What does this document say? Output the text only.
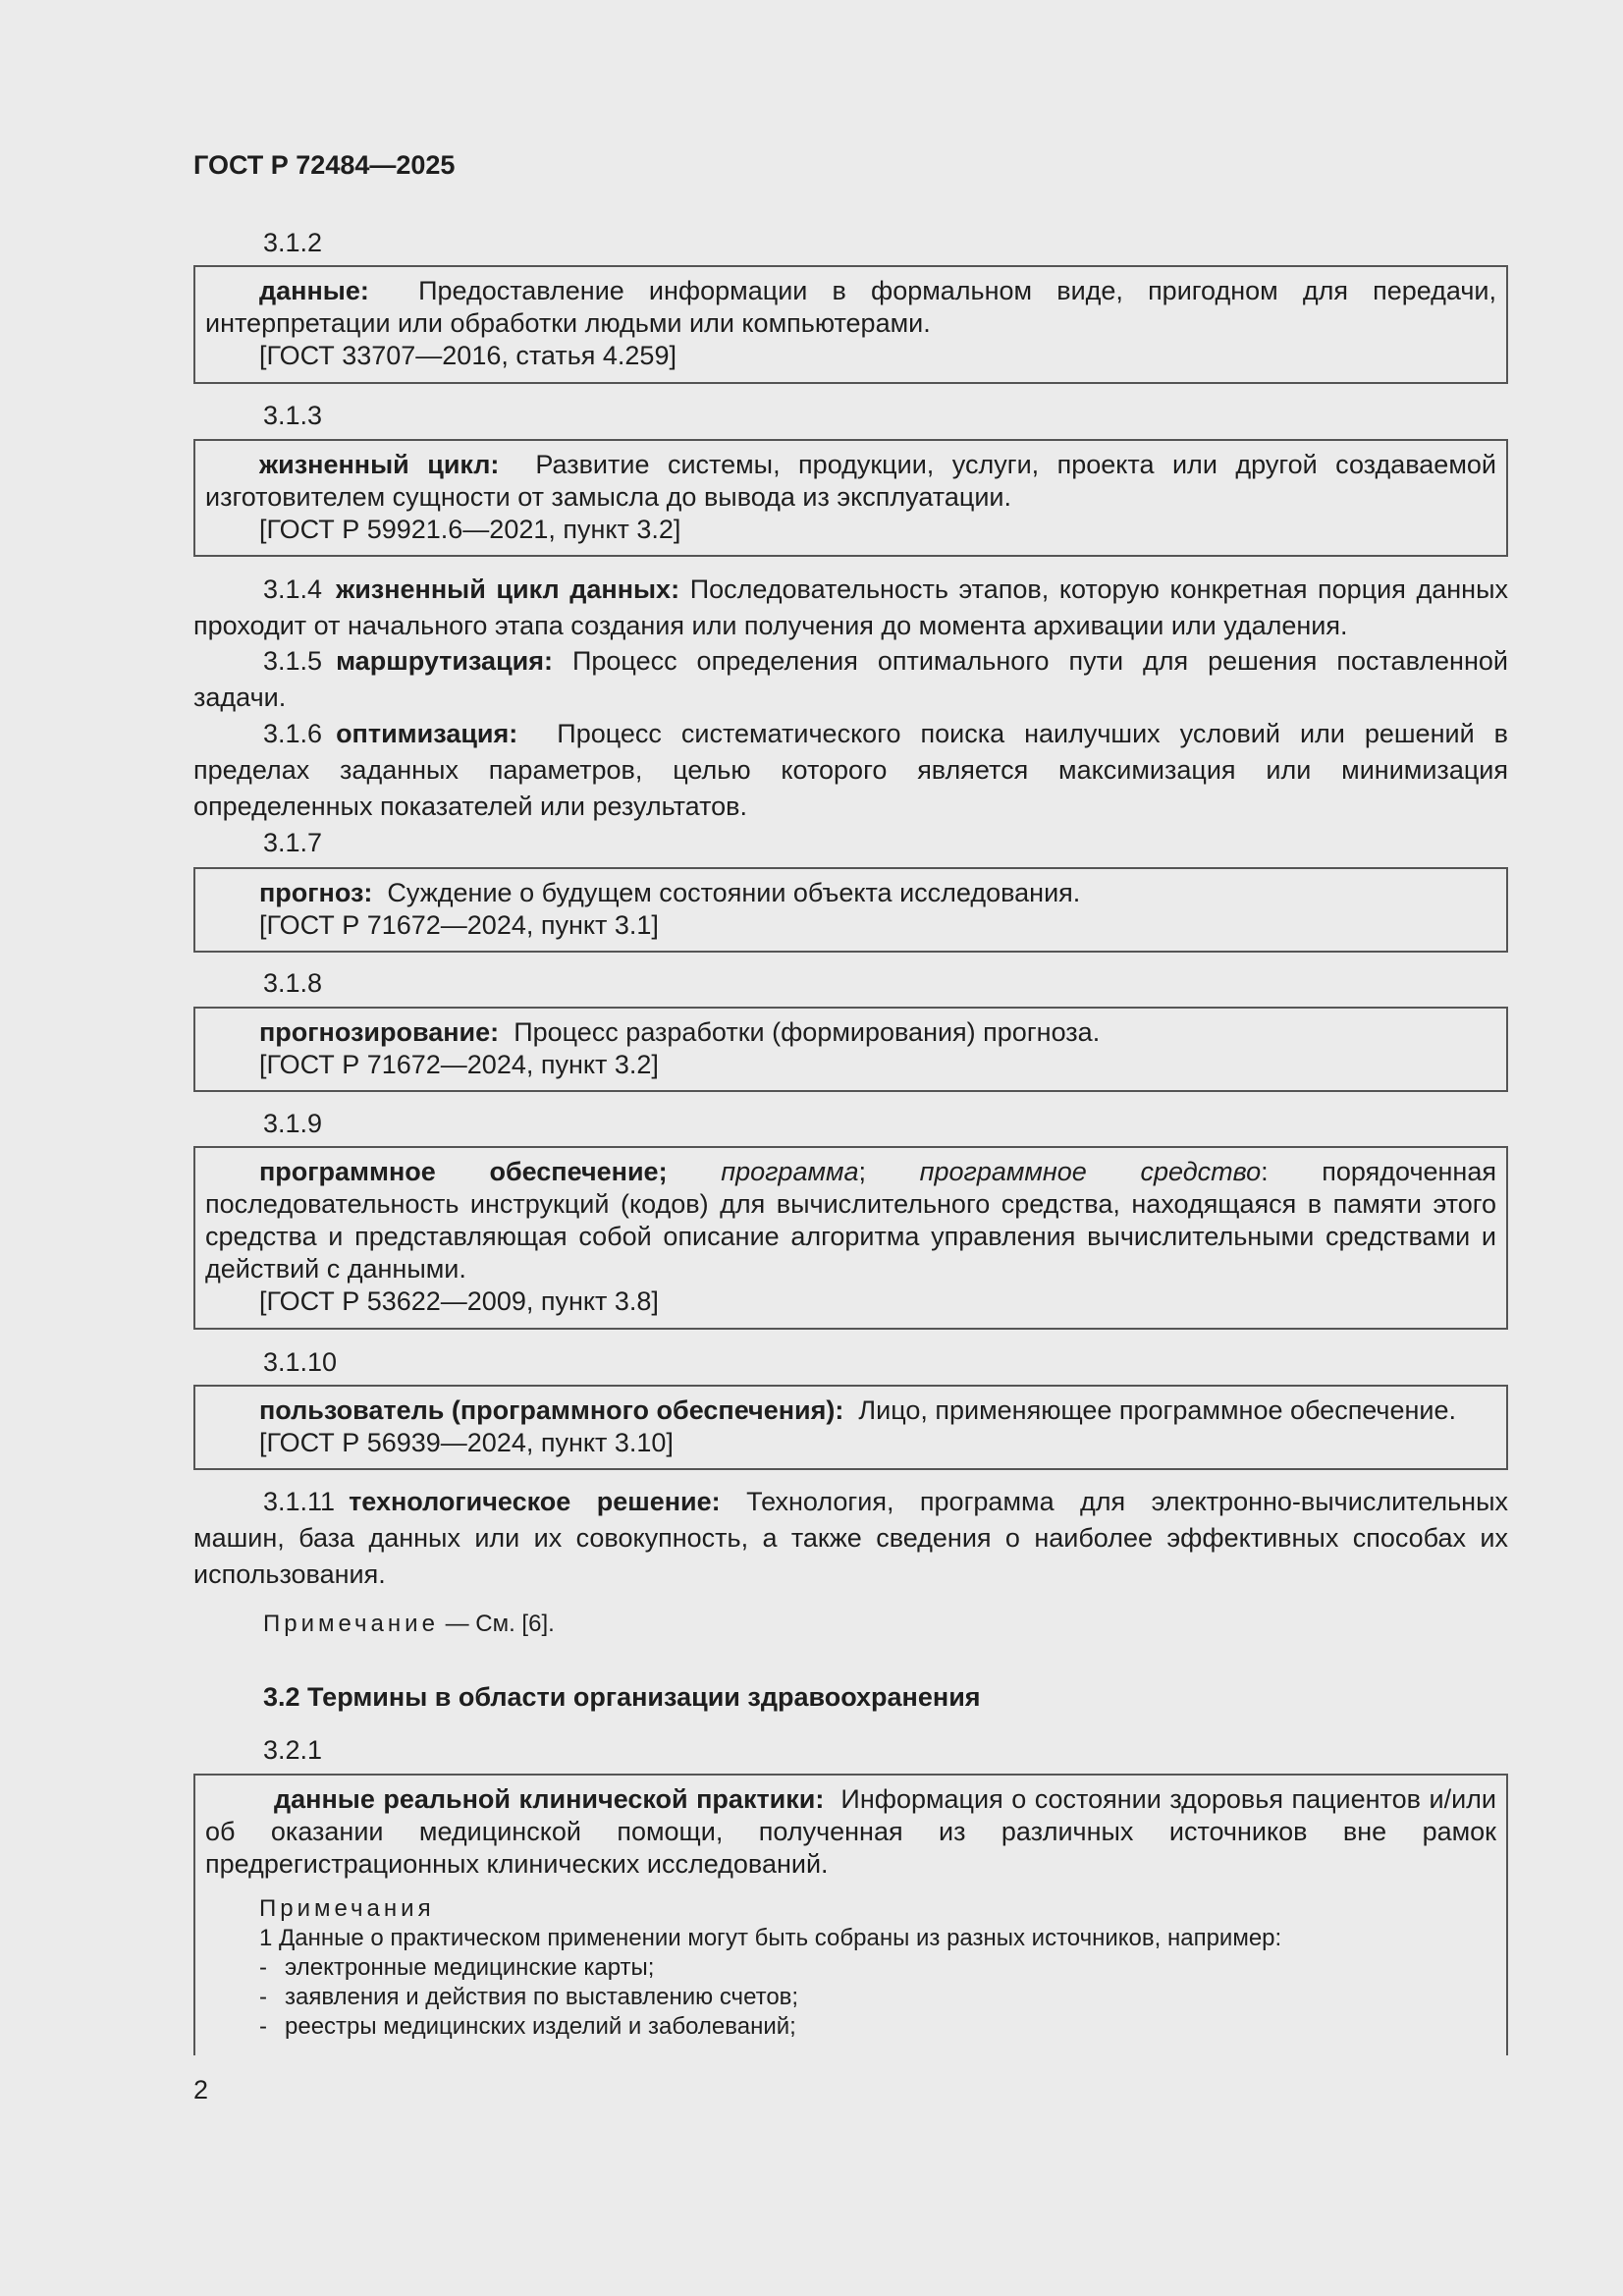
ГОСТ Р 72484—2025
3.1.2

данные: Предоставление информации в формальном виде, пригодном для передачи, интерпретации или обработки людьми или компьютерами.

[ГОСТ 33707—2016, статья 4.259]

3.1.3

жизненный цикл: Развитие системы, продукции, услуги, проекта или другой создаваемой изготовителем сущности от замысла до вывода из эксплуатации.

[ГОСТ Р 59921.6—2021, пункт 3.2]

3.1.4 жизненный цикл данных: Последовательность этапов, которую конкретная порция данных проходит от начального этапа создания или получения до момента архивации или удаления.

3.1.5 маршрутизация: Процесс определения оптимального пути для решения поставленной задачи.

3.1.6 оптимизация: Процесс систематического поиска наилучших условий или решений в пределах заданных параметров, целью которого является максимизация или минимизация определенных показателей или результатов.

3.1.7

прогноз: Суждение о будущем состоянии объекта исследования.

[ГОСТ Р 71672—2024, пункт 3.1]

3.1.8

прогнозирование: Процесс разработки (формирования) прогноза.

[ГОСТ Р 71672—2024, пункт 3.2]

3.1.9

программное обеспечение; программа; программное средство: порядоченная последовательность инструкций (кодов) для вычислительного средства, находящаяся в памяти этого средства и представляющая собой описание алгоритма управления вычислительными средствами и действий с данными.

[ГОСТ Р 53622—2009, пункт 3.8]

3.1.10

пользователь (программного обеспечения): Лицо, применяющее программное обеспечение.

[ГОСТ Р 56939—2024, пункт 3.10]

3.1.11 технологическое решение: Технология, программа для электронно-вычислительных машин, база данных или их совокупность, а также сведения о наиболее эффективных способах их использования.

Примечание — См. [6].
3.2 Термины в области организации здравоохранения
3.2.1

данные реальной клинической практики: Информация о состоянии здоровья пациентов и/или об оказании медицинской помощи, полученная из различных источников вне рамок предрегистрационных клинических исследований.

Примечания

1 Данные о практическом применении могут быть собраны из разных источников, например:

- электронные медицинские карты;

- заявления и действия по выставлению счетов;

- реестры медицинских изделий и заболеваний;

2
